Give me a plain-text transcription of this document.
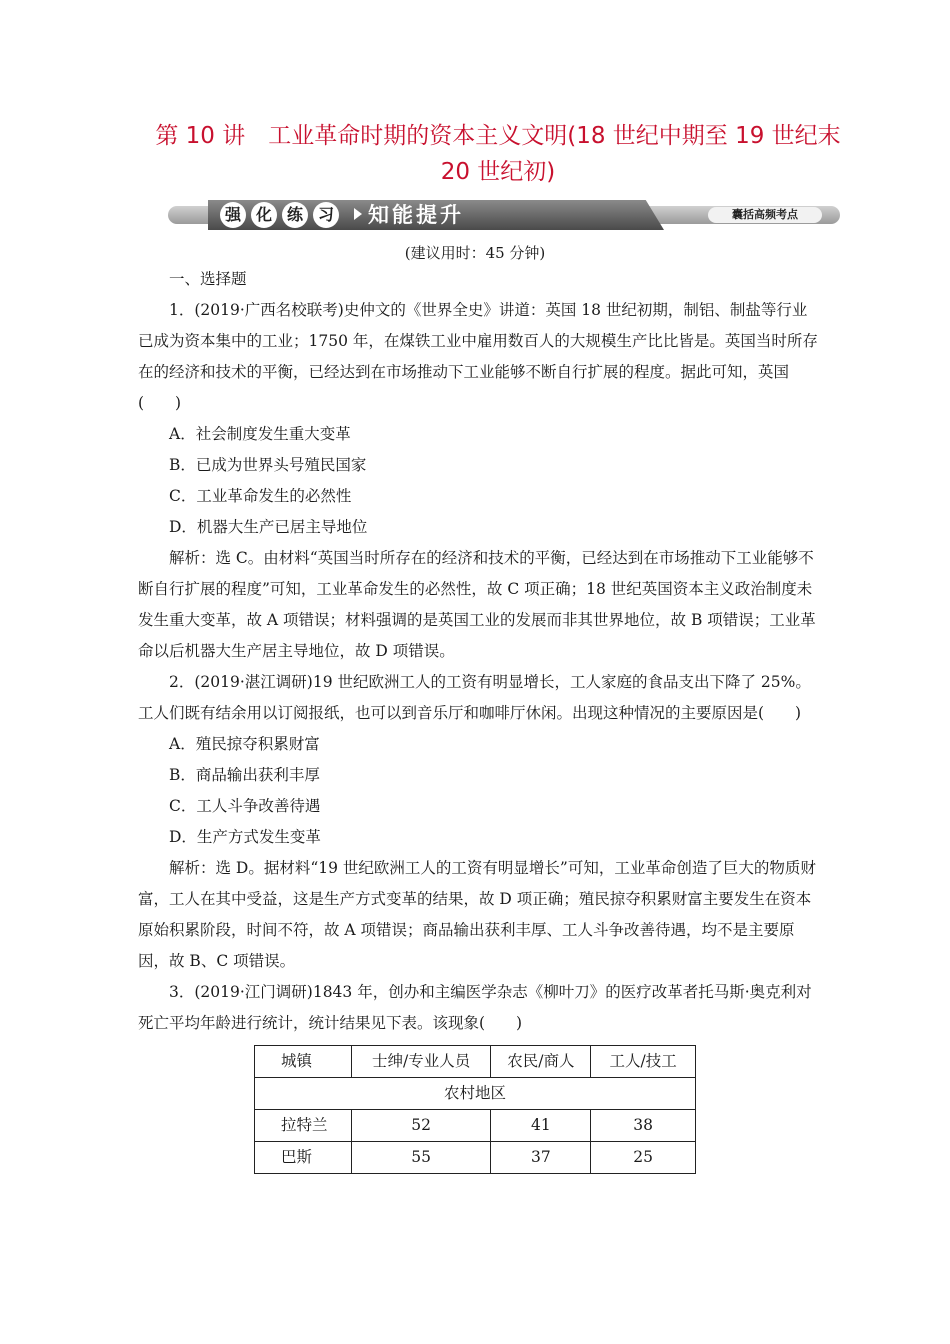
第 10 讲　工业革命时期的资本主义文明(18 世纪中期至 19 世纪末 20 世纪初)
强 化 练 习 知能提升	囊括高频考点
(建议用时：45 分钟)

一、选择题

1．(2019·广西名校联考)史仲文的《世界全史》讲道：英国 18 世纪初期，制铝、制盐等行业已成为资本集中的工业；1750 年，在煤铁工业中雇用数百人的大规模生产比比皆是。英国当时所存在的经济和技术的平衡，已经达到在市场推动下工业能够不断自行扩展的程度。据此可知，英国(　　)

A．社会制度发生重大变革

B．已成为世界头号殖民国家

C．工业革命发生的必然性

D．机器大生产已居主导地位

解析：选 C。由材料“英国当时所存在的经济和技术的平衡，已经达到在市场推动下工业能够不断自行扩展的程度”可知，工业革命发生的必然性，故 C 项正确；18 世纪英国资本主义政治制度未发生重大变革，故 A 项错误；材料强调的是英国工业的发展而非其世界地位，故 B 项错误；工业革命以后机器大生产居主导地位，故 D 项错误。

2．(2019·湛江调研)19 世纪欧洲工人的工资有明显增长，工人家庭的食品支出下降了 25%。工人们既有结余用以订阅报纸，也可以到音乐厅和咖啡厅休闲。出现这种情况的主要原因是(　　)

A．殖民掠夺积累财富

B．商品输出获利丰厚

C．工人斗争改善待遇

D．生产方式发生变革

解析：选 D。据材料“19 世纪欧洲工人的工资有明显增长”可知，工业革命创造了巨大的物质财富，工人在其中受益，这是生产方式变革的结果，故 D 项正确；殖民掠夺积累财富主要发生在资本原始积累阶段，时间不符，故 A 项错误；商品输出获利丰厚、工人斗争改善待遇，均不是主要原因，故 B、C 项错误。

3．(2019·江门调研)1843 年，创办和主编医学杂志《柳叶刀》的医疗改革者托马斯·奥克利对死亡平均年龄进行统计，统计结果见下表。该现象(　　)

城镇	士绅/专业人员	农民/商人	工人/技工
农村地区			
拉特兰	52	41	38
巴斯	55	37	25
